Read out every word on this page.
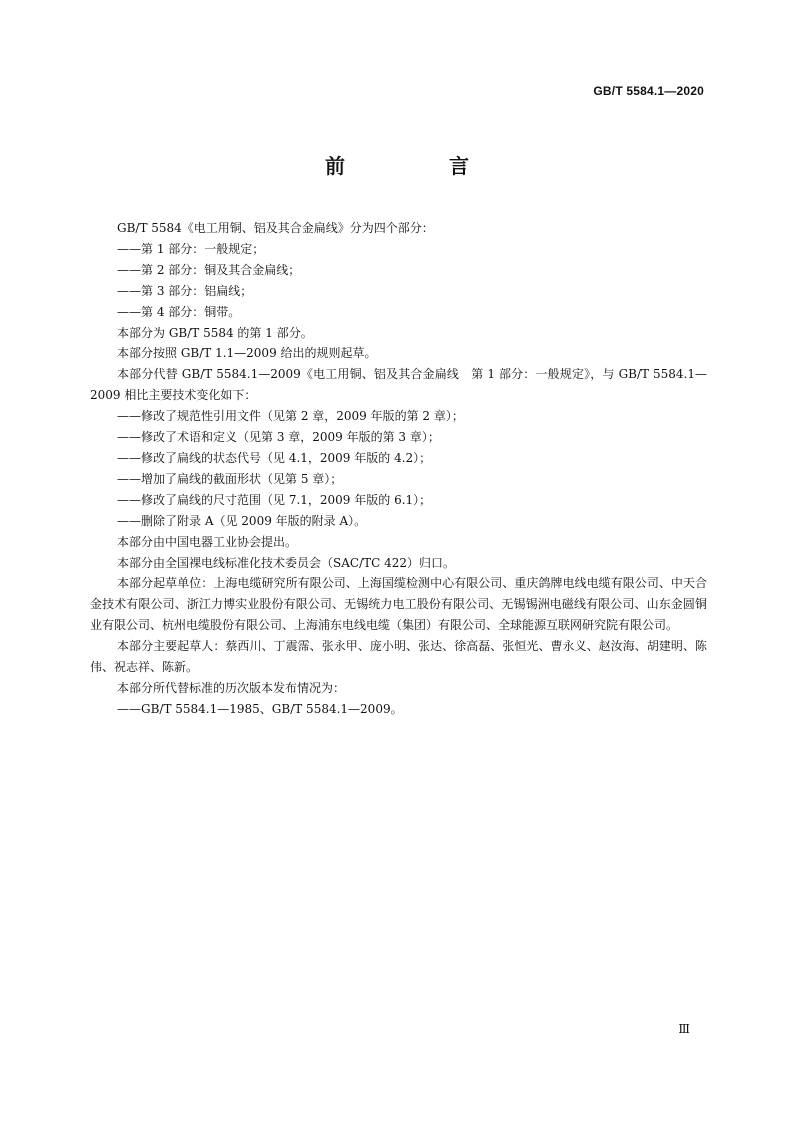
GB/T 5584.1—2020
前　言

GB/T 5584《电工用铜、铝及其合金扁线》分为四个部分：

——第 1 部分：一般规定；

——第 2 部分：铜及其合金扁线；

——第 3 部分：铝扁线；

——第 4 部分：铜带。

本部分为 GB/T 5584 的第 1 部分。

本部分按照 GB/T 1.1—2009 给出的规则起草。

本部分代替 GB/T 5584.1—2009《电工用铜、铝及其合金扁线　第 1 部分：一般规定》，与 GB/T 5584.1—2009 相比主要技术变化如下：

——修改了规范性引用文件（见第 2 章，2009 年版的第 2 章）；

——修改了术语和定义（见第 3 章，2009 年版的第 3 章）；

——修改了扁线的状态代号（见 4.1，2009 年版的 4.2）；

——增加了扁线的截面形状（见第 5 章）；

——修改了扁线的尺寸范围（见 7.1，2009 年版的 6.1）；

——删除了附录 A（见 2009 年版的附录 A）。

本部分由中国电器工业协会提出。

本部分由全国裸电线标准化技术委员会（SAC/TC 422）归口。

本部分起草单位：上海电缆研究所有限公司、上海国缆检测中心有限公司、重庆鸽牌电线电缆有限公司、中天合金技术有限公司、浙江力博实业股份有限公司、无锡统力电工股份有限公司、无锡锡洲电磁线有限公司、山东金圆铜业有限公司、杭州电缆股份有限公司、上海浦东电线电缆（集团）有限公司、全球能源互联网研究院有限公司。

本部分主要起草人：蔡西川、丁震霈、张永甲、庞小明、张达、徐高磊、张恒光、曹永义、赵汝海、胡建明、陈伟、祝志祥、陈新。

本部分所代替标准的历次版本发布情况为：

——GB/T 5584.1—1985、GB/T 5584.1—2009。

Ⅲ
